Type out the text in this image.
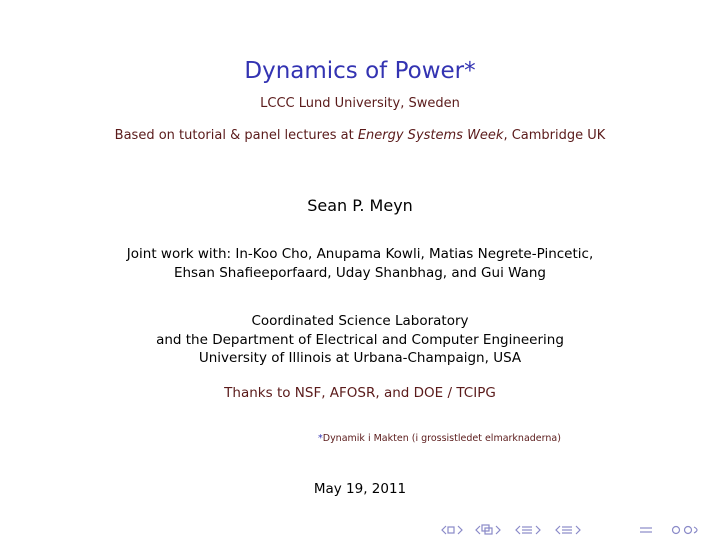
Dynamics of Power*
LCCC Lund University, Sweden
Based on tutorial & panel lectures at Energy Systems Week, Cambridge UK
Sean P. Meyn
Joint work with: In-Koo Cho, Anupama Kowli, Matias Negrete-Pincetic,
Ehsan Shafieeporfaard, Uday Shanbhag, and Gui Wang
Coordinated Science Laboratory
and the Department of Electrical and Computer Engineering
University of Illinois at Urbana-Champaign, USA
Thanks to NSF, AFOSR, and DOE / TCIPG
*Dynamik i Makten (i grossistledet elmarknaderna)
May 19, 2011
